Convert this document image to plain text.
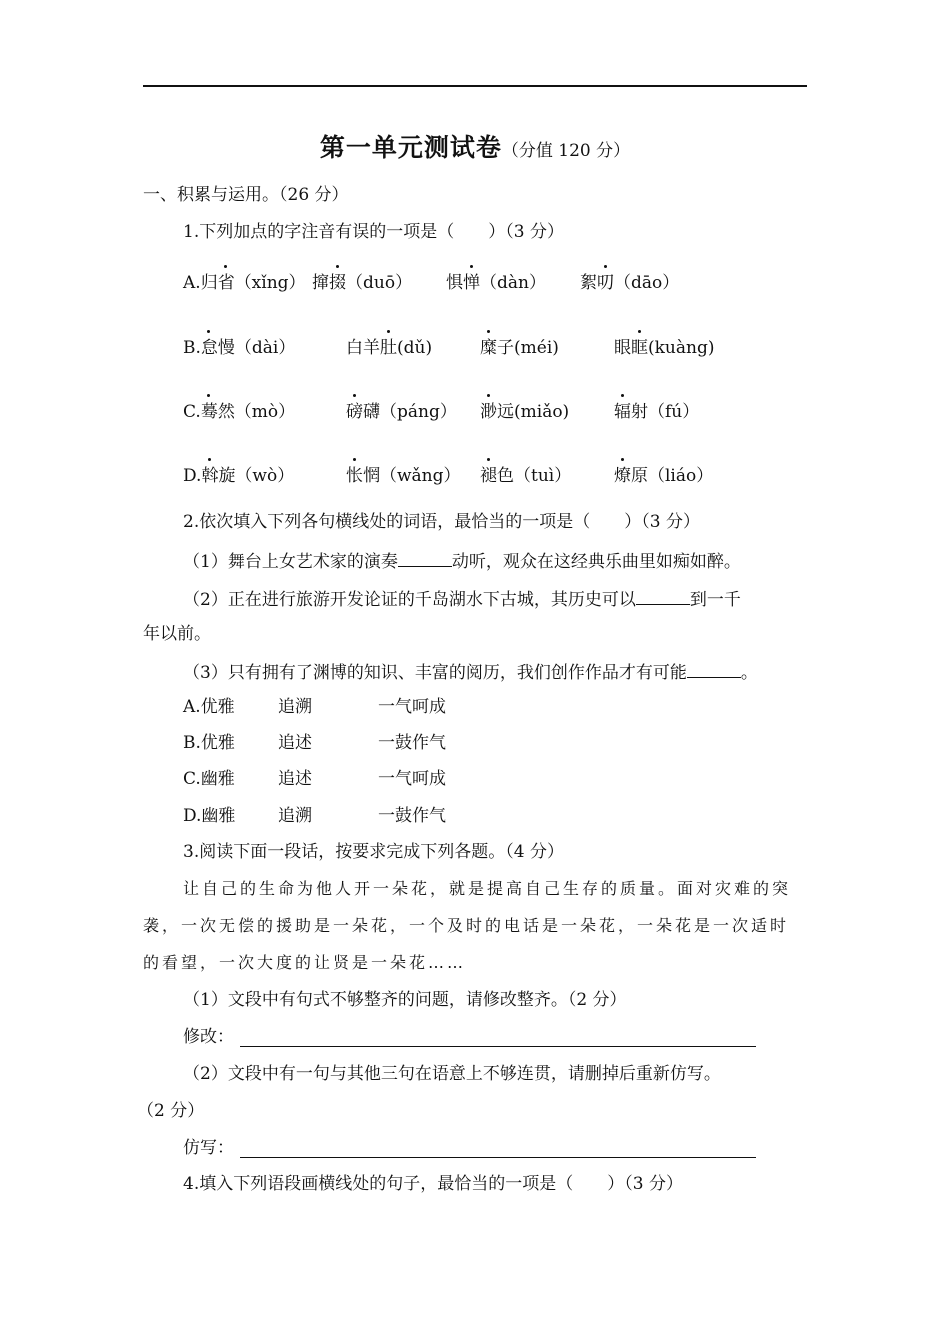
第一单元测试卷（分值 120 分）
一、积累与运用。（26 分）
1.下列加点的字注音有误的一项是（　　）（3 分）
A.归省（xǐng） 撺掇（duō） 惧惮（dàn） 絮叨（dāo）
B.怠慢（dài）	白羊肚(dǔ)	糜子(méi)	眼眶(kuàng)
C.蓦然（mò）	磅礴（páng） 渺远(miǎo)	辐射（fú）
D.斡旋（wò）	怅惘（wǎng） 褪色（tuì）	燎原（liáo）
2.依次填入下列各句横线处的词语，最恰当的一项是（　　）（3 分）
（1）舞台上女艺术家的演奏	动听，观众在这经典乐曲里如痴如醉。
（2）正在进行旅游开发论证的千岛湖水下古城，其历史可以	到一千
年以前。
（3）只有拥有了渊博的知识、丰富的阅历，我们创作作品才有可能	。
A.优雅	追溯	一气呵成
B.优雅	追述	一鼓作气
C.幽雅	追述	一气呵成
D.幽雅	追溯	一鼓作气
3.阅读下面一段话，按要求完成下列各题。（4 分）
让自己的生命为他人开一朵花，就是提高自己生存的质量。面对灾难的突
袭，一次无偿的援助是一朵花，一个及时的电话是一朵花，一朵花是一次适时
的看望，一次大度的让贤是一朵花……
（1）文段中有句式不够整齐的问题，请修改整齐。（2 分）
修改：
（2）文段中有一句与其他三句在语意上不够连贯，请删掉后重新仿写。
（2 分）
仿写：
4.填入下列语段画横线处的句子，最恰当的一项是（　　）（3 分）
